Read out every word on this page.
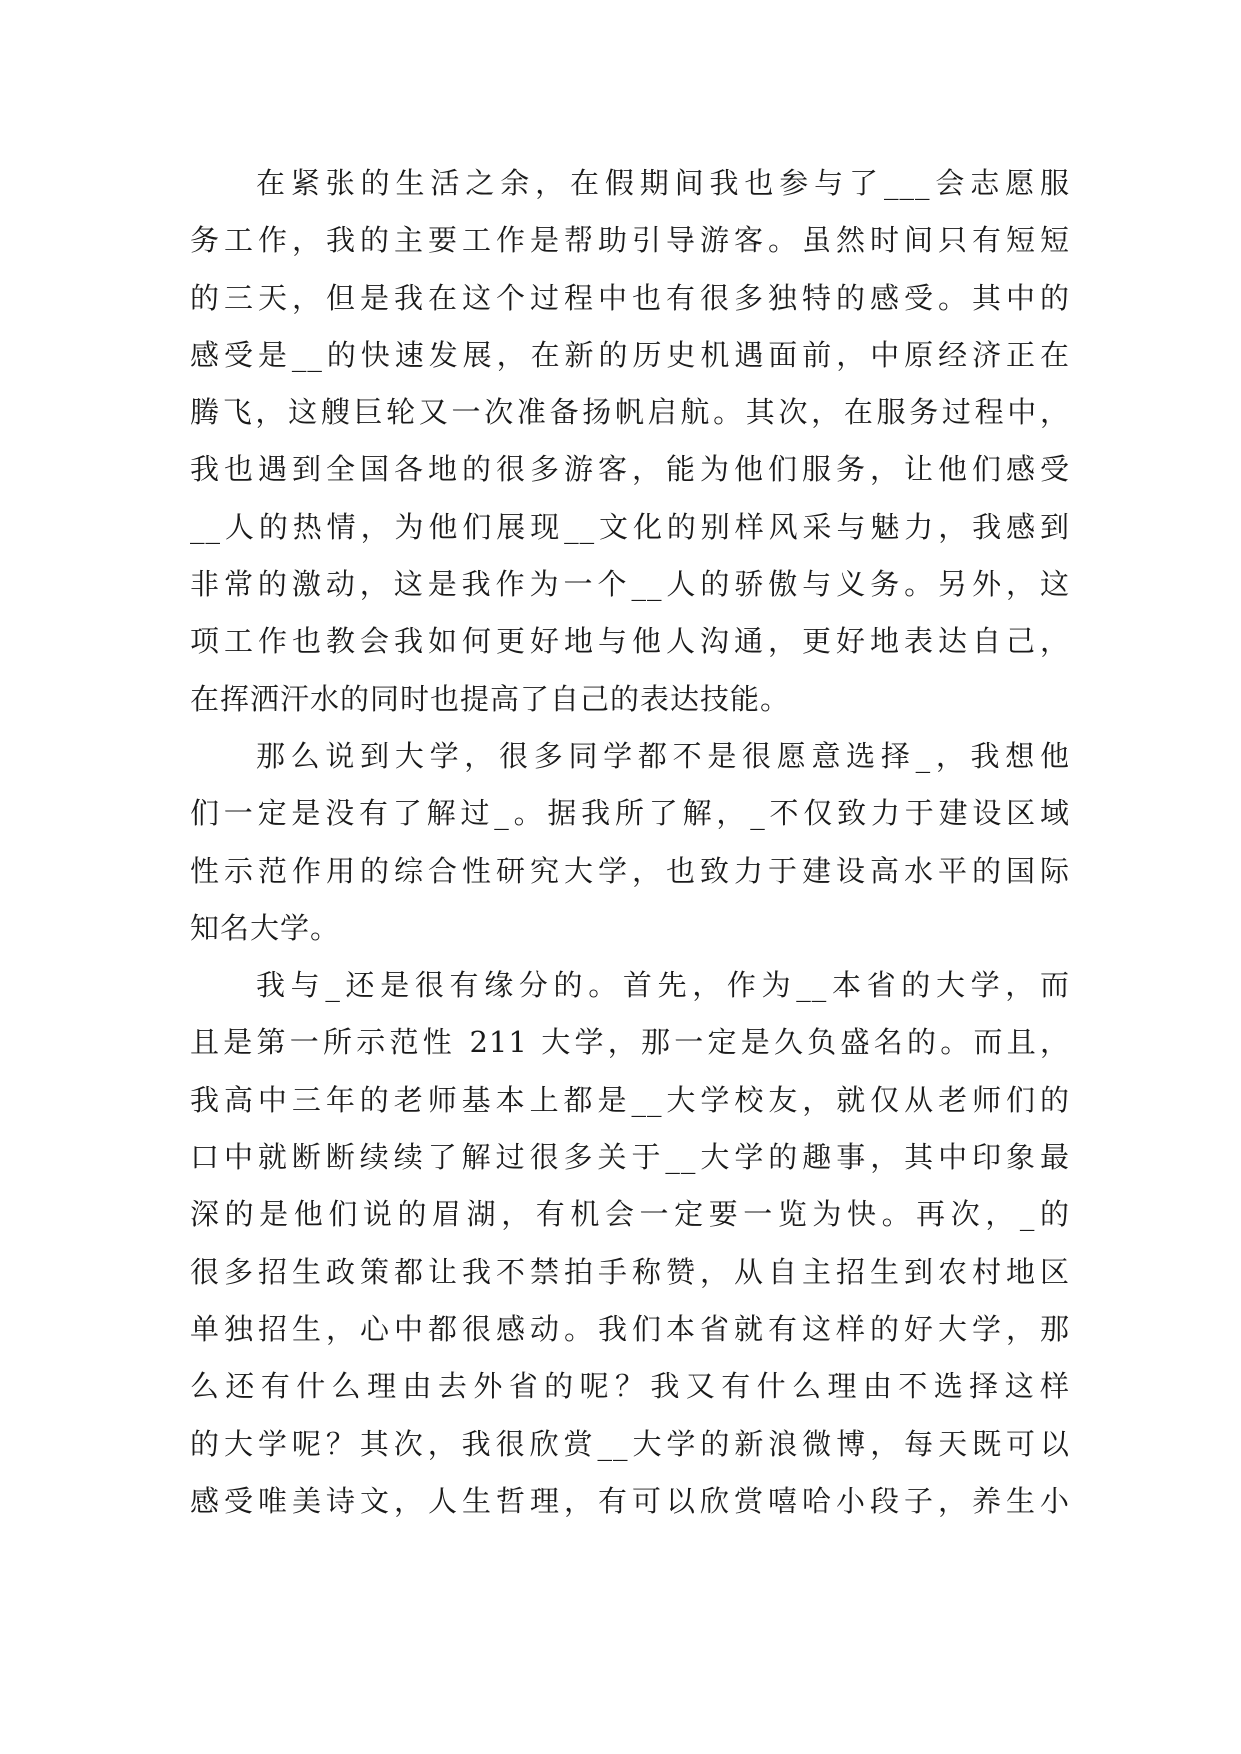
在紧张的生活之余，在假期间我也参与了___会志愿服
务工作，我的主要工作是帮助引导游客。虽然时间只有短短
的三天，但是我在这个过程中也有很多独特的感受。其中的
感受是__的快速发展，在新的历史机遇面前，中原经济正在
腾飞，这艘巨轮又一次准备扬帆启航。其次，在服务过程中，
我也遇到全国各地的很多游客，能为他们服务，让他们感受
__人的热情，为他们展现__文化的别样风采与魅力，我感到
非常的激动，这是我作为一个__人的骄傲与义务。另外，这
项工作也教会我如何更好地与他人沟通，更好地表达自己，
在挥洒汗水的同时也提高了自己的表达技能。
那么说到大学，很多同学都不是很愿意选择_，我想他
们一定是没有了解过_。据我所了解，_不仅致力于建设区域
性示范作用的综合性研究大学，也致力于建设高水平的国际
知名大学。
我与_还是很有缘分的。首先，作为__本省的大学，而
且是第一所示范性 211 大学，那一定是久负盛名的。而且，
我高中三年的老师基本上都是__大学校友，就仅从老师们的
口中就断断续续了解过很多关于__大学的趣事，其中印象最
深的是他们说的眉湖，有机会一定要一览为快。再次，_的
很多招生政策都让我不禁拍手称赞，从自主招生到农村地区
单独招生，心中都很感动。我们本省就有这样的好大学，那
么还有什么理由去外省的呢？我又有什么理由不选择这样
的大学呢？其次，我很欣赏__大学的新浪微博，每天既可以
感受唯美诗文，人生哲理，有可以欣赏嘻哈小段子，养生小
